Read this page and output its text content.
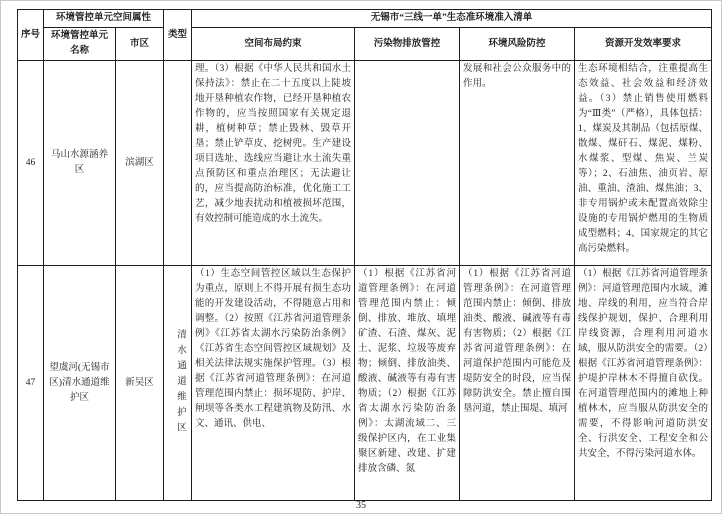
序号	环境管控单元空间属性		类型	无锡市“三线一单”生态准环境准入清单			
	环境管控单元名称	市区		空间布局约束	污染物排放管控	环境风险防控	资源开发效率要求
46	马山水源涵养区	滨湖区		理。（3）根据《中华人民共和国水土保持法》：禁止在二十五度以上陡坡地开垦种植农作物，已经开垦种植农作物的，应当按照国家有关规定退耕，植树种草；禁止毁林、毁草开垦；禁止铲草皮、挖树兜。生产建设项目选址、选线应当避让水土流失重点预防区和重点治理区；无法避让的，应当提高防治标准，优化施工工艺，减少地表扰动和植被损坏范围，有效控制可能造成的水土流失。		发展和社会公众服务中的作用。	生态环境相结合，注重提高生态效益、社会效益和经济效益。（3）禁止销售使用燃料为“Ⅲ类”（严格），具体包括：1、煤炭及其制品（包括原煤、散煤、煤矸石、煤泥、煤粉、水煤浆、型煤、焦炭、兰炭等）；2、石油焦、油页岩、原油、重油、渣油、煤焦油；3、非专用锅炉或未配置高效除尘设施的专用锅炉燃用的生物质成型燃料；4、国家规定的其它高污染燃料。
47	望虞河(无锡市区)清水通道维护区	新吴区	清水通道维护区	（1）生态空间管控区域以生态保护为重点，原则上不得开展有损生态功能的开发建设活动，不得随意占用和调整。（2）按照《江苏省河道管理条例》《江苏省太湖水污染防治条例》《江苏省生态空间管控区域规划》及相关法律法规实施保护管理。（3）根据《江苏省河道管理条例》：在河道管理范围内禁止：损坏堤防、护岸、闸坝等各类水工程建筑物及防汛、水文、通讯、供电、	（1）根据《江苏省河道管理条例》：在河道管理范围内禁止：倾倒、排放、堆放、填埋矿渣、石渣、煤灰、泥土、泥浆、垃圾等废弃物；倾倒、排放油类、酸液、碱液等有毒有害物质；（2）根据《江苏省太湖水污染防治条例》：太湖流域二、三级保护区内，在工业集聚区新建、改建、扩建排放含磷、氮	（1）根据《江苏省河道管理条例》：在河道管理范围内禁止：倾倒、排放油类、酸液、碱液等有毒有害物质；（2）根据《江苏省河道管理条例》：在河道保护范围内可能危及堤防安全的时段，应当保障防洪安全。禁止擅自围垦河道，禁止围堤、填河	（1）根据《江苏省河道管理条例》：河道管理范围内水域、滩地、岸线的利用，应当符合岸线保护规划，保护、合理利用岸线资源，合理利用河道水域，服从防洪安全的需要。（2）根据《江苏省河道管理条例》：护堤护岸林木不得擅自砍伐。在河道管理范围内的滩地上种植林木，应当服从防洪安全的需要，不得影响河道防洪安全、行洪安全、工程安全和公共安全，不得污染河道水体。
35
